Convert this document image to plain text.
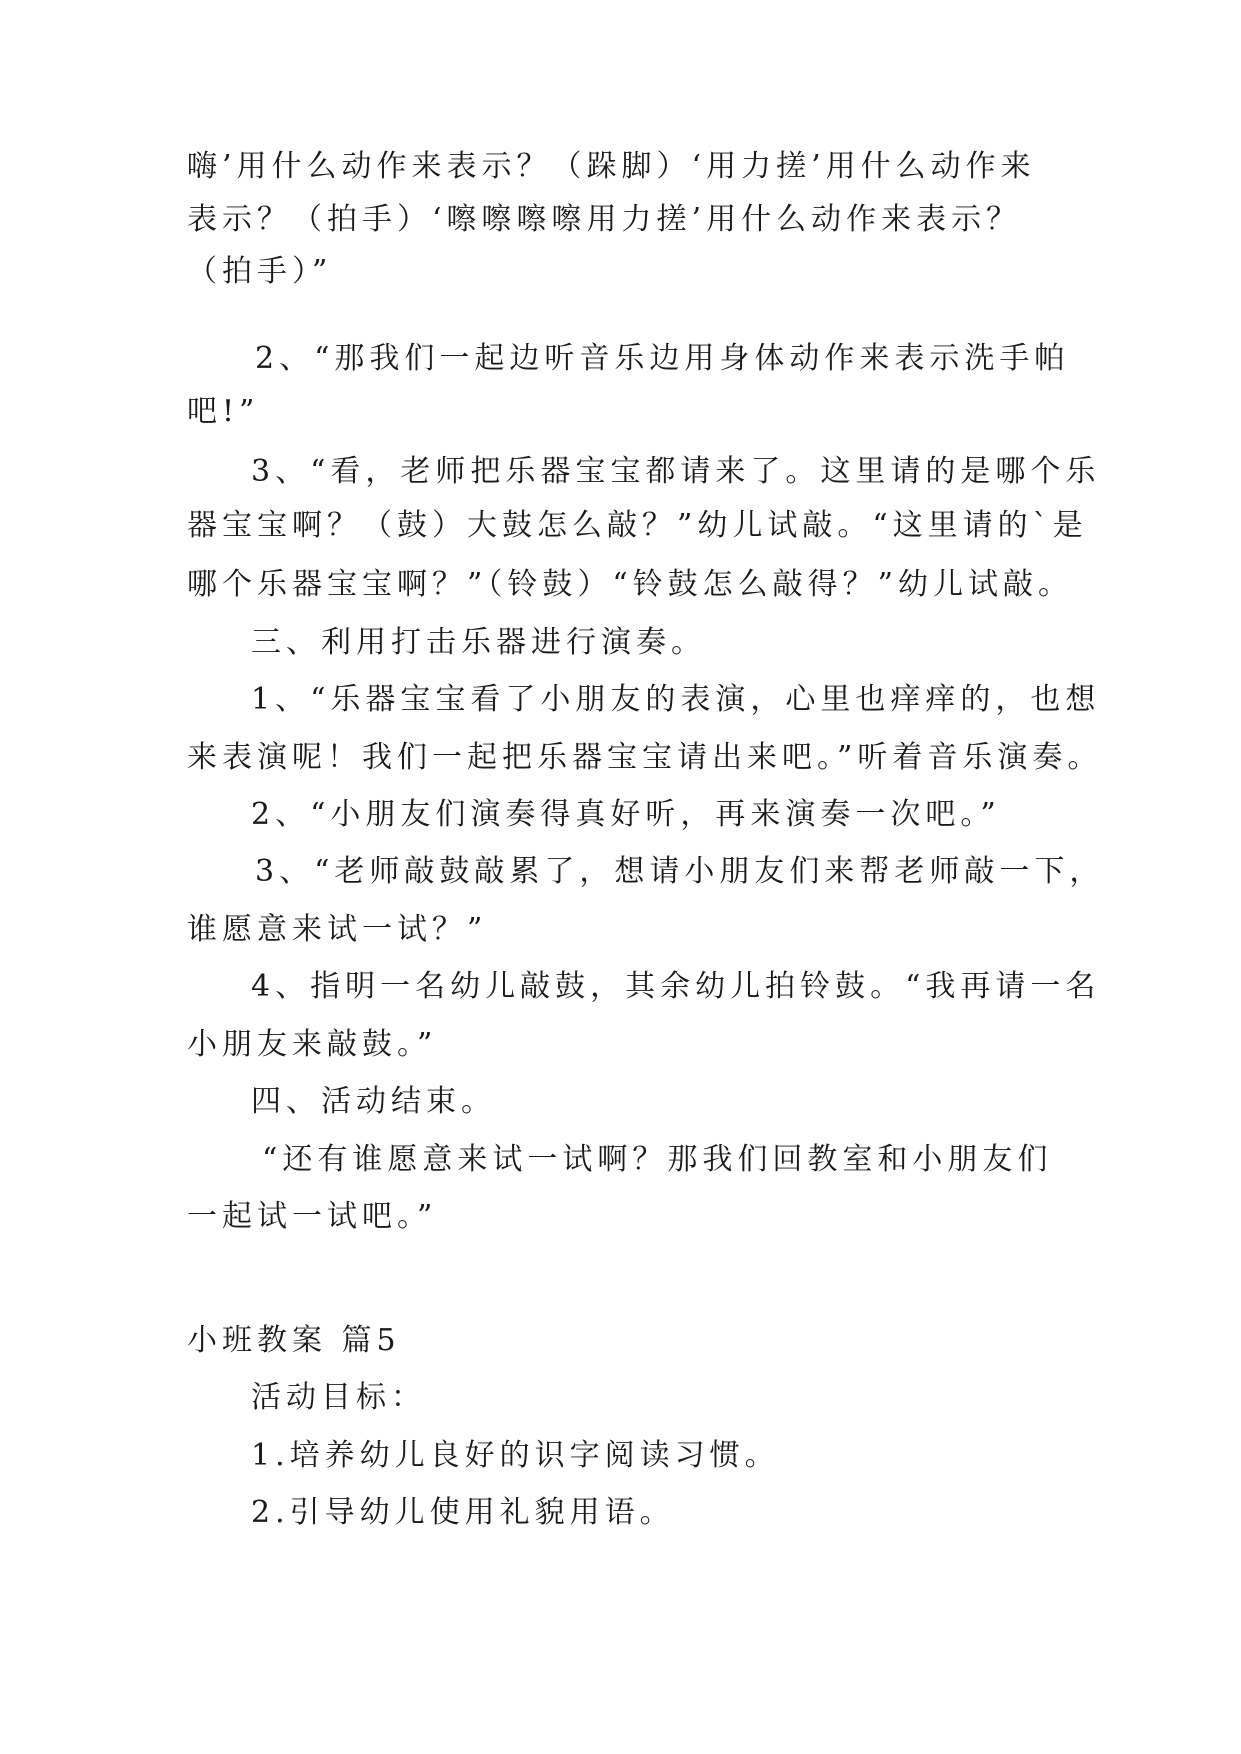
嗨’用什么动作来表示？（跺脚）‘用力搓’用什么动作来
表示？（拍手）‘嚓嚓嚓嚓用力搓’用什么动作来表示？
（拍手）”
2、“那我们一起边听音乐边用身体动作来表示洗手帕
吧!”
3、“看，老师把乐器宝宝都请来了。这里请的是哪个乐
器宝宝啊？（鼓）大鼓怎么敲？”幼儿试敲。“这里请的`是
哪个乐器宝宝啊？”（铃鼓）“铃鼓怎么敲得？”幼儿试敲。
三、利用打击乐器进行演奏。
1、“乐器宝宝看了小朋友的表演，心里也痒痒的，也想
来表演呢！我们一起把乐器宝宝请出来吧。”听着音乐演奏。
2、“小朋友们演奏得真好听，再来演奏一次吧。”
3、“老师敲鼓敲累了，想请小朋友们来帮老师敲一下，
谁愿意来试一试？”
4、指明一名幼儿敲鼓，其余幼儿拍铃鼓。“我再请一名
小朋友来敲鼓。”
四、活动结束。
“还有谁愿意来试一试啊？那我们回教室和小朋友们
一起试一试吧。”
小班教案 篇5
活动目标：
1.培养幼儿良好的识字阅读习惯。
2.引导幼儿使用礼貌用语。
